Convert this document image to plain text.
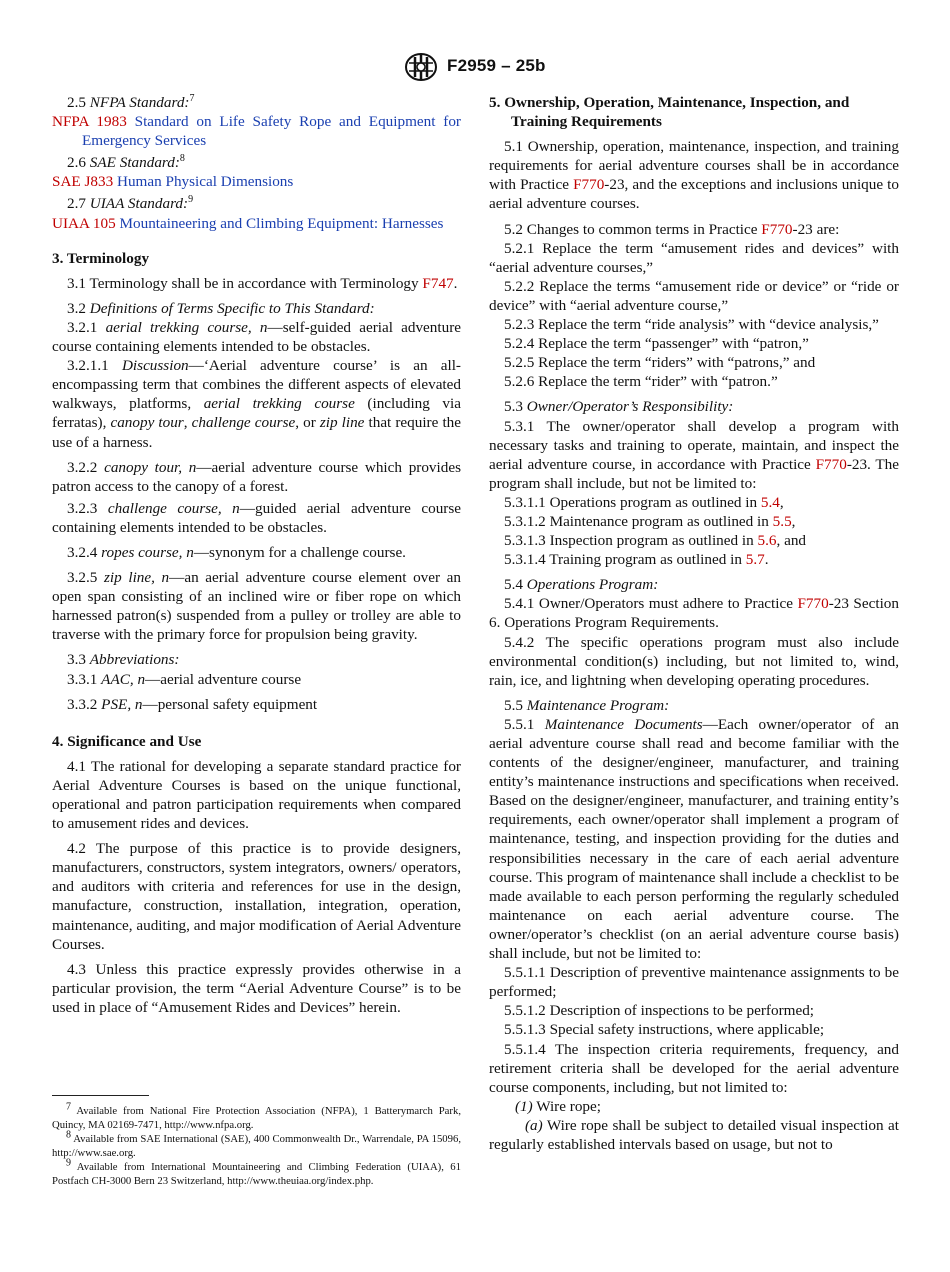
F2959 – 25b

2.5 NFPA Standard:$^7$

NFPA 1983 Standard on Life Safety Rope and Equipment for Emergency Services

2.6 SAE Standard:$^8$

SAE J833 Human Physical Dimensions

2.7 UIAA Standard:$^9$

UIAA 105 Mountaineering and Climbing Equipment: Harnesses

3. Terminology

3.1 Terminology shall be in accordance with Terminology F747.

3.2 Definitions of Terms Specific to This Standard:

3.2.1 aerial trekking course, n—self-guided aerial adventure course containing elements intended to be obstacles.

3.2.1.1 Discussion—‘Aerial adventure course’ is an all-encompassing term that combines the different aspects of elevated walkways, platforms, aerial trekking course (including via ferratas), canopy tour, challenge course, or zip line that require the use of a harness.

3.2.2 canopy tour, n—aerial adventure course which provides patron access to the canopy of a forest.

3.2.3 challenge course, n—guided aerial adventure course containing elements intended to be obstacles.

3.2.4 ropes course, n—synonym for a challenge course.

3.2.5 zip line, n—an aerial adventure course element over an open span consisting of an inclined wire or fiber rope on which harnessed patron(s) suspended from a pulley or trolley are able to traverse with the primary force for propulsion being gravity.

3.3 Abbreviations:

3.3.1 AAC, n—aerial adventure course

3.3.2 PSE, n—personal safety equipment

4. Significance and Use

4.1 The rational for developing a separate standard practice for Aerial Adventure Courses is based on the unique functional, operational and patron participation requirements when compared to amusement rides and devices.

4.2 The purpose of this practice is to provide designers, manufacturers, constructors, system integrators, owners/ operators, and auditors with criteria and references for use in the design, manufacture, construction, installation, integration, operation, maintenance, auditing, and major modification of Aerial Adventure Courses.

4.3 Unless this practice expressly provides otherwise in a particular provision, the term “Aerial Adventure Course” is to be used in place of “Amusement Rides and Devices” herein.

$^7$ Available from National Fire Protection Association (NFPA), 1 Batterymarch Park, Quincy, MA 02169-7471, http://www.nfpa.org.

$^8$ Available from SAE International (SAE), 400 Commonwealth Dr., Warrendale, PA 15096, http://www.sae.org.

$^9$ Available from International Mountaineering and Climbing Federation (UIAA), 61 Postfach CH-3000 Bern 23 Switzerland, http://www.theuiaa.org/index.php.

5. Ownership, Operation, Maintenance, Inspection, and Training Requirements

5.1 Ownership, operation, maintenance, inspection, and training requirements for aerial adventure courses shall be in accordance with Practice F770-23, and the exceptions and inclusions unique to aerial adventure courses.

5.2 Changes to common terms in Practice F770-23 are:

5.2.1 Replace the term “amusement rides and devices” with “aerial adventure courses,”

5.2.2 Replace the terms “amusement ride or device” or “ride or device” with “aerial adventure course,”

5.2.3 Replace the term “ride analysis” with “device analysis,”

5.2.4 Replace the term “passenger” with “patron,”

5.2.5 Replace the term “riders” with “patrons,” and

5.2.6 Replace the term “rider” with “patron.”

5.3 Owner/Operator’s Responsibility:

5.3.1 The owner/operator shall develop a program with necessary tasks and training to operate, maintain, and inspect the aerial adventure course, in accordance with Practice F770-23. The program shall include, but not be limited to:

5.3.1.1 Operations program as outlined in 5.4,

5.3.1.2 Maintenance program as outlined in 5.5,

5.3.1.3 Inspection program as outlined in 5.6, and

5.3.1.4 Training program as outlined in 5.7.

5.4 Operations Program:

5.4.1 Owner/Operators must adhere to Practice F770-23 Section 6. Operations Program Requirements.

5.4.2 The specific operations program must also include environmental condition(s) including, but not limited to, wind, rain, ice, and lightning when developing operating procedures.

5.5 Maintenance Program:

5.5.1 Maintenance Documents—Each owner/operator of an aerial adventure course shall read and become familiar with the contents of the designer/engineer, manufacturer, and training entity’s maintenance instructions and specifications when received. Based on the designer/engineer, manufacturer, and training entity’s requirements, each owner/operator shall implement a program of maintenance, testing, and inspection providing for the duties and responsibilities necessary in the care of each aerial adventure course. This program of maintenance shall include a checklist to be made available to each person performing the regularly scheduled maintenance on each aerial adventure course. The owner/operator’s checklist (on an aerial adventure course basis) shall include, but not be limited to:

5.5.1.1 Description of preventive maintenance assignments to be performed;

5.5.1.2 Description of inspections to be performed;

5.5.1.3 Special safety instructions, where applicable;

5.5.1.4 The inspection criteria requirements, frequency, and retirement criteria shall be developed for the aerial adventure course components, including, but not limited to:

(1) Wire rope;

(a) Wire rope shall be subject to detailed visual inspection at regularly established intervals based on usage, but not to
